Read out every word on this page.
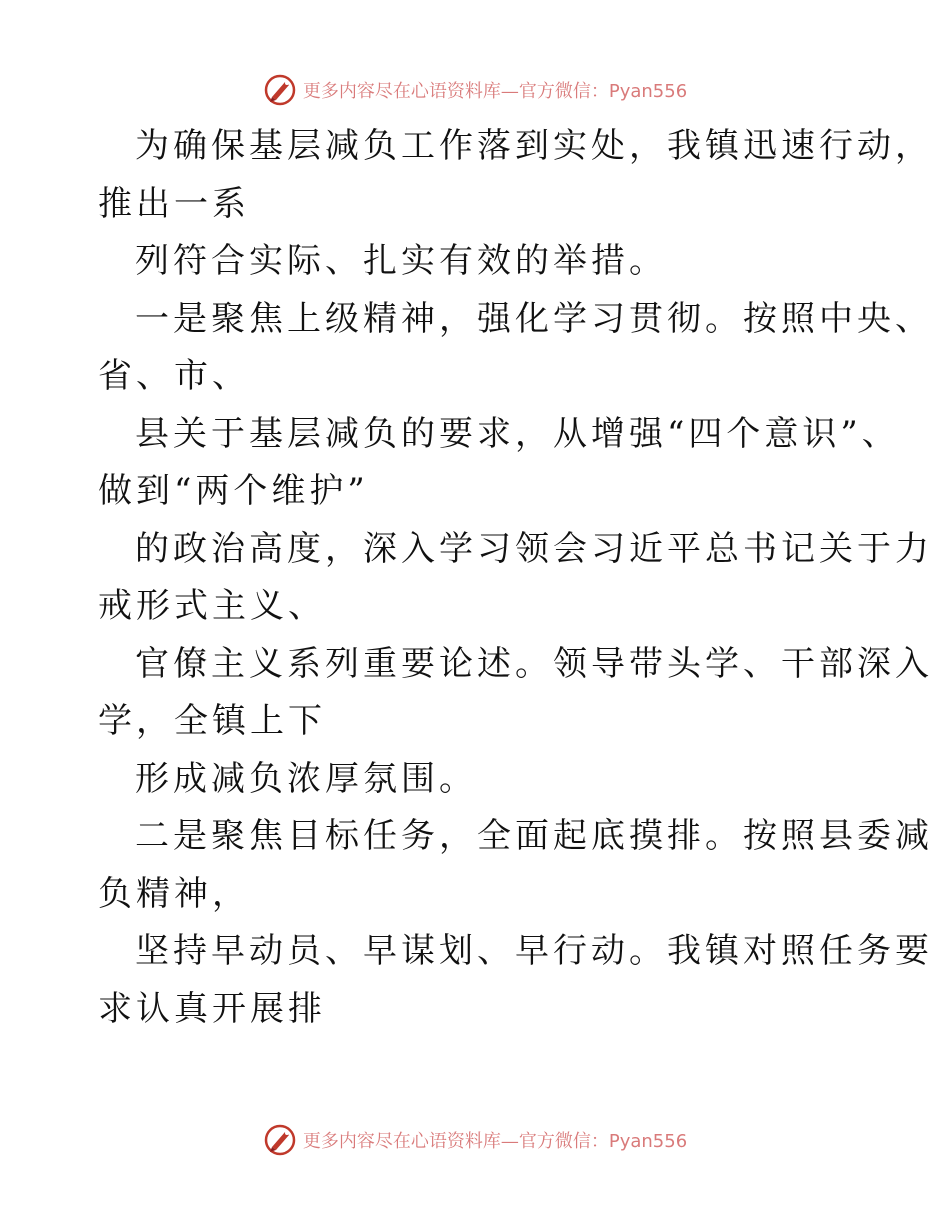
更多内容尽在心语资料库—官方微信：Pyan556
为确保基层减负工作落到实处，我镇迅速行动，
推出一系
列符合实际、扎实有效的举措。
一是聚焦上级精神，强化学习贯彻。按照中央、
省、市、
县关于基层减负的要求，从增强“四个意识”、
做到“两个维护”
的政治高度，深入学习领会习近平总书记关于力
戒形式主义、
官僚主义系列重要论述。领导带头学、干部深入
学，全镇上下
形成减负浓厚氛围。
二是聚焦目标任务，全面起底摸排。按照县委减
负精神，
坚持早动员、早谋划、早行动。我镇对照任务要
求认真开展排
更多内容尽在心语资料库—官方微信：Pyan556
